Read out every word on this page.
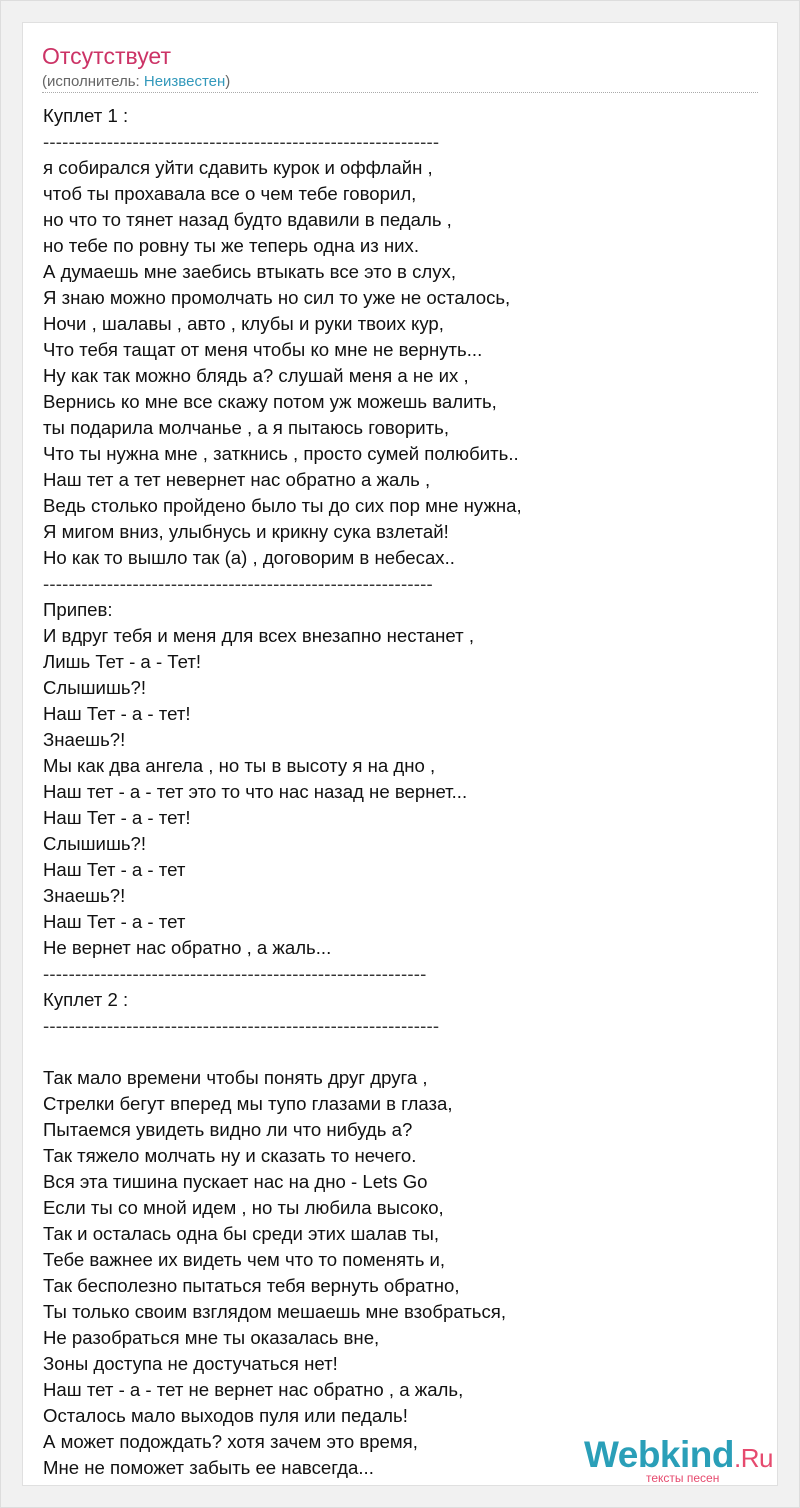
Отсутствует
(исполнитель: Неизвестен)
Куплет 1 :
--------------------------------------------------------------
я собирался уйти сдавить курок и оффлайн ,
чтоб ты прохавала все о чем тебе говорил,
но что то тянет назад будто вдавили в педаль ,
но тебе по ровну ты же теперь одна из них.
А думаешь мне заебись втыкать все это в слух,
Я знаю можно промолчать но сил то уже не осталось,
Ночи , шалавы , авто , клубы и руки твоих кур,
Что тебя тащат от меня чтобы ко мне не вернуть...
Ну как так можно блядь а? слушай меня а не их ,
Вернись ко мне все скажу потом уж можешь валить,
ты подарила молчанье , а я пытаюсь говорить,
Что ты нужна мне , заткнись , просто сумей полюбить..
Наш тет а тет невернет нас обратно а жаль ,
Ведь столько пройдено было ты до сих пор мне нужна,
Я мигом вниз, улыбнусь и крикну сука взлетай!
Но как то вышло так (а) , договорим в небесах..
-------------------------------------------------------------
Припев:
И вдруг тебя и меня для всех внезапно нестанет ,
Лишь Тет - а - Тет!
Слышишь?!
Наш Тет - а - тет!
Знаешь?!
Мы как два ангела , но ты в высоту я на дно ,
Наш тет - а - тет это то что нас назад не вернет...
Наш Тет - а - тет!
Слышишь?!
Наш Тет - а - тет
Знаешь?!
Наш Тет - а - тет
Не вернет нас обратно , а жаль...
------------------------------------------------------------
Куплет 2 :
--------------------------------------------------------------
Так мало времени чтобы понять друг друга ,
Стрелки бегут вперед мы тупо глазами в глаза,
Пытаемся увидеть видно ли что нибудь а?
Так тяжело молчать ну и сказать то нечего.
Вся эта тишина пускает нас на дно - Lets Go
Если ты со мной идем , но ты любила высоко,
Так и осталась одна бы среди этих шалав ты,
Тебе важнее их видеть чем что то поменять и,
Так бесполезно пытаться тебя вернуть обратно,
Ты только своим взглядом мешаешь мне взобраться,
Не разобраться мне ты оказалась вне,
Зоны доступа не достучаться нет!
Наш тет - а - тет не вернет нас обратно , а жаль,
Осталось мало выходов пуля или педаль!
А может подождать? хотя зачем это время,
Мне не поможет забыть ее навсегда...	Webkind.Ru
тексты песен
